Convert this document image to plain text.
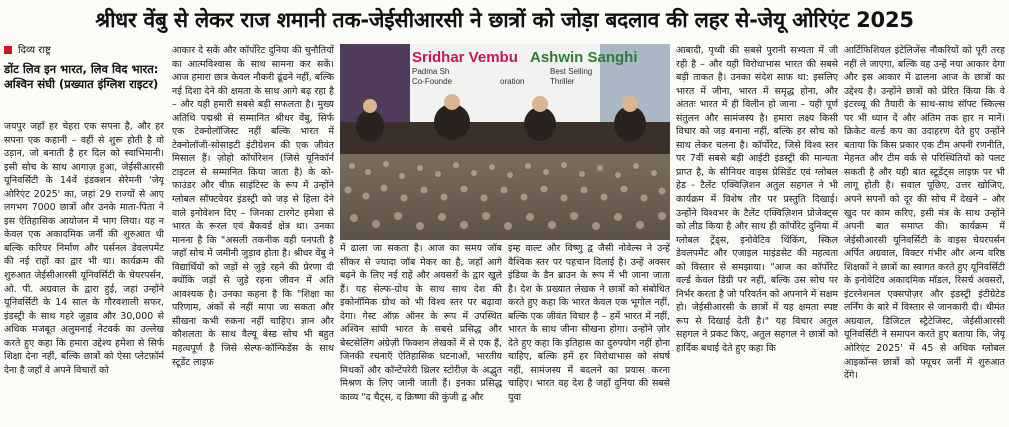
श्रीधर वेंबु से लेकर राज शमानी तक-जेईसीआरसी ने छात्रों को जोड़ा बदलाव की लहर से-जेयू ओरिएंट 2025
दिव्य राष्ट्र
डोंट लिव इन भारत, लिव विद भारत: अश्विन संघी (प्रख्यात इंग्लिश राइटर)

जयपुर जहाँ हर चेहरा एक सपना है, और हर सपना एक कहानी – वहीं से शुरू होती है वो उड़ान, जो बनाती है हर दिल को स्वाभिमानी। इसी सोच के साथ आगाज़ हुआ, जेईसीआरसी यूनिवर्सिटी के 14वें इंडक्शन सेरेमनी 'जेयू ओरिएंट 2025' का, जहां 29 राज्यों से आए लगभग 7000 छात्रों और उनके माता-पिता ने इस ऐतिहासिक आयोजन में भाग लिया। यह न केवल एक अकादमिक जर्नी की शुरुआत थी बल्कि करियर निर्माण और पर्सनल डेवलपमेंट की नई राहों का द्वार भी था। कार्यक्रम की शुरुआत जेईसीआरसी यूनिवर्सिटी के चेयरपर्सन, ओ. पी. अग्रवाल के द्वारा हुई, जहां उन्होंने यूनिवर्सिटी के 14 साल के गौरवशाली सफर, इंडस्ट्री के साथ गहरे जुड़ाव और 30,000 से अधिक मजबूत अलुमनाई नेटवर्क का उल्लेख करते हुए कहा कि हमारा उद्देश्य हमेशा से सिर्फ शिक्षा देना नहीं, बल्कि छात्रों को ऐसा प्लेटफ़ॉर्म देना है जहाँ वे अपने विचारों को

आकार दे सकें और कॉर्पोरेट दुनिया की चुनौतियों का आत्मविश्वास के साथ सामना कर सकें। आज हमारा छात्र केवल नौकरी ढूंढने नहीं, बल्कि नई दिशा देने की क्षमता के साथ आगे बढ़ रहा है – और यही हमारी सबसे बड़ी सफलता है। मुख्य अतिथि पद्मश्री से सम्मानित श्रीधर वेंबु, सिर्फ एक टेक्नोलॉजिस्ट नहीं बल्कि भारत में टेक्नोलॉजी-सोसाइटी इंटीग्रेशन की एक जीवंत मिसाल हैं। ज़ोहो कॉर्पोरेशन (जिसे यूनिकॉर्न टाइटल से सम्मानित किया जाता है) के को-फाउंडर और चीफ़ साइंटिस्ट के रूप में उन्होंने ग्लोबल सॉफ्टवेयर इंडस्ट्री को जड़ से हिला देने वाले इनोवेशन दिए – जिनका टारगेट हमेशा से भारत के रूरल एवं बैकवर्ड क्षेत्र था। उनका मानना है कि "असली तकनीक वही पनपती है जहाँ सोच में जमीनी जुड़ाव होता है। श्रीधर वेंबु ने विद्यार्थियों को जड़ों से जुड़े रहने की प्रेरणा दी क्योंकि जड़ों से जुड़े रहना जीवन में अति आवश्यक है। उनका कहना है कि "शिक्षा का परिणाम, अंकों से नहीं मापा जा सकता और सीखना कभी रुकना नहीं चाहिए। ज्ञान और कौशलता के साथ वैल्यू बेस्ड सोच भी बहुत महत्वपूर्ण है जिसे सेल्फ-कॉन्फिडेंस के साथ स्टूडेंट लाइफ़

Sridhar Vembu
Padma Sh
Co-Founde	oration
Ashwin Sanghi
Best Selling
Thriller

में ढाला जा सकता है। आज का समय जॉब सीकर से ज्यादा जॉब मेकर का है, जहाँ आगे बढ़ने के लिए नई राहें और अवसरों के द्वार खुले हैं। यह सेल्फ-ग्रोथ के साथ साथ देश की इकोनॉमिक ग्रोथ को भी विश्व स्तर पर बढ़ावा देगा। गेस्ट ऑफ़ ऑनर के रूप में उपस्थित अश्विन सांघी भारत के सबसे प्रसिद्ध और बेस्टसेलिंग अंग्रेज़ी फिक्शन लेखकों में से एक हैं, जिनकी रचनाएँ ऐतिहासिक घटनाओं, भारतीय मिथकों और कॉन्टेंपरेरी थ्रिलर स्टोरीज़ के अद्भुत मिश्रण के लिए जानी जाती हैं। इनका प्रसिद्ध काव्य "द चैट्स, द क्रिष्णा की कुंजी द्व और

इम्ह वाल्ट और विष्णु द्व जैसी नोवेल्स ने उन्हें वैश्विक स्तर पर पहचान दिलाई है। उन्हें अक्सर इंडिया के डैन ब्राउन के रूप में भी जाना जाता है। देश के प्रख्यात लेखक ने छात्रों को संबोधित करते हुए कहा कि भारत केवल एक भूगोल नहीं, बल्कि एक जीवंत विचार है – हमें भारत में नहीं, भारत के साथ जीना सीखना होगा। उन्होंने ज़ोर देते हुए कहा कि इतिहास का दुरुपयोग नहीं होना चाहिए, बल्कि हमें हर विरोधाभास को संघर्ष नहीं, सामंजस्य में बदलने का प्रयास करना चाहिए। भारत वह देश है जहाँ दुनिया की सबसे युवा

आबादी, पृथ्वी की सबसे पुरानी सभ्यता में जी रही है – और यही विरोधाभास भारत की सबसे बड़ी ताकत है। उनका संदेश साफ़ था: इसलिए भारत में जीना, भारत में समृद्ध होना, और अंततः भारत में ही विलीन हो जाना – यही पूर्ण संतुलन और सामंजस्य है। हमारा लक्ष्य किसी विचार को जड़ बनाना नहीं, बल्कि हर सोच को साथ लेकर चलना है। कॉर्पोरेट, जिसे विश्व स्तर पर 7वीं सबसे बड़ी आईटी इंडस्ट्री की मान्यता प्राप्त है, के सीनियर वाइस प्रेसिडेंट एवं ग्लोबल हेड - टैलेंट एक्विज़िशन अतुल सहगल ने भी कार्यक्रम में विशेष तौर पर प्रस्तुति दिखाई। उन्होंने विश्वभर के टैलेंट एक्विज़िशन प्रोजेक्ट्स को लीड किया है और साथ ही कॉर्पोरेट दुनिया में ग्लोबल ट्रेंड्स, इनोवेटिव थिंकिंग, स्किल डेवलपमेंट और एजाइल माइंडसेट की महत्वता को विस्तार से समझाया। "आज का कॉर्पोरेट वर्ल्ड केवल डिग्री पर नहीं, बल्कि उस सोच पर निर्भर करता है जो परिवर्तन को अपनाने में सक्षम हो। जेईसीआरसी के छात्रों में यह क्षमता स्पष्ट रूप से दिखाई देती है।" यह विचार अतुल सहगल ने प्रकट किए, अतुल सहगल ने छात्रों को हार्दिक बधाई देते हुए कहा कि

आर्टिफिशियल इंटेलिजेंस नौकरियों को पूरी तरह नहीं ले जाएगा, बल्कि वह उन्हें नया आकार देगा और इस आकार में ढालना आज के छात्रों का उद्देश्य है। उन्होंने छात्रों को प्रेरित किया कि वे इंटरव्यू की तैयारी के साथ-साथ सॉफ्ट स्किल्स पर भी ध्यान दें और अंतिम तक हार न मानें। क्रिकेट वर्ल्ड कप का उदाहरण देते हुए उन्होंने बताया कि किस प्रकार एक टीम अपनी रणनीति, मेहनत और टीम वर्क से परिस्थितियों को पलट सकती है और यही बात स्टूडेंट्स लाइफ़ पर भी लागू होती है। सवाल पूछिए, उत्तर खोजिए, अपने सपनों को दूर की सोच में देखने – और खुद पर काम करिए, इसी मंत्र के साथ उन्होंने अपनी बात समाप्त की। कार्यक्रम में जेईसीआरसी यूनिवर्सिटी के वाइस चेयरपर्सन अर्पित अग्रवाल, विक्टर गंभीर और अन्य वरिष्ठ शिक्षकों ने छात्रों का स्वागत करते हुए यूनिवर्सिटी के इनोवेटिव अकादमिक मॉडल, रिसर्च अवसरों, इंटरनेशनल एक्सपोज़र और इंडस्ट्री इंटीग्रेटेड लर्निंग के बारे में विस्तार से जानकारी दी। धीमंत अग्रवाल, डिजिटल स्ट्रैटेजिस्ट, जेईसीआरसी यूनिवर्सिटी ने समापन करते हुए बताया कि, जेयू ओरिएंट 2025' में 45 से अधिक ग्लोबल आइकॉन्स छात्रों को फ्यूचर जर्नी में शुरुआत देंगे।
